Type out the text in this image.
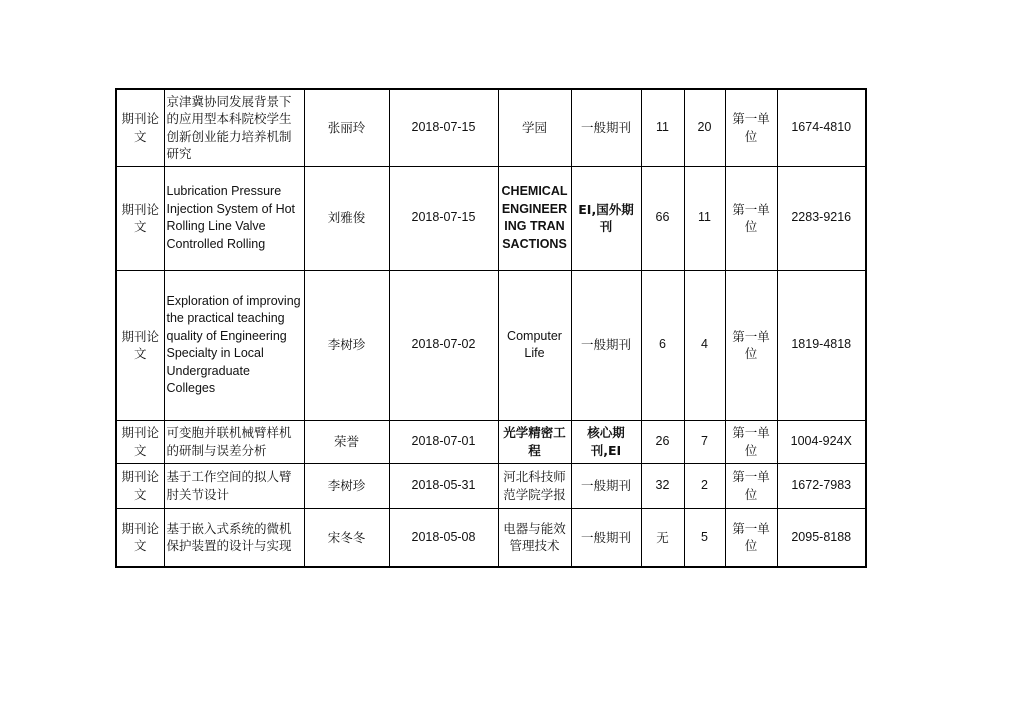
期刊论文	京津冀协同发展背景下的应用型本科院校学生创新创业能力培养机制研究	张丽玲	2018-07-15	学园	一般期刊	11	20	第一单位	1674-4810
期刊论文	Lubrication Pressure Injection System of Hot Rolling Line Valve Controlled Rolling	刘雅俊	2018-07-15	CHEMICAL ENGINEERING TRANSACTIONS	EI,国外期刊	66	11	第一单位	2283-9216
期刊论文	Exploration of improving the practical teaching quality of Engineering Specialty in Local Undergraduate Colleges	李树珍	2018-07-02	Computer Life	一般期刊	6	4	第一单位	1819-4818
期刊论文	可变胞并联机械臂样机的研制与误差分析	荣誉	2018-07-01	光学精密工程	核心期刊,EI	26	7	第一单位	1004-924X
期刊论文	基于工作空间的拟人臂肘关节设计	李树珍	2018-05-31	河北科技师范学院学报	一般期刊	32	2	第一单位	1672-7983
期刊论文	基于嵌入式系统的微机保护装置的设计与实现	宋冬冬	2018-05-08	电器与能效管理技术	一般期刊	无	5	第一单位	2095-8188
